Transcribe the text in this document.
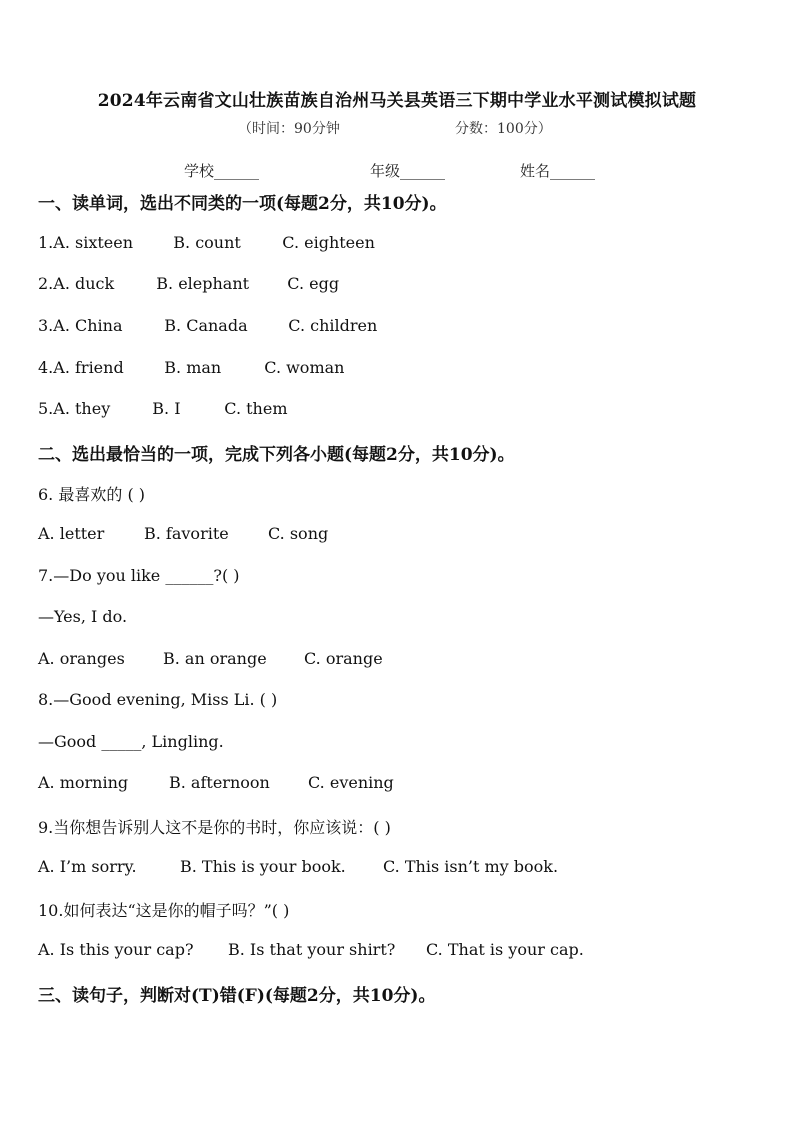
2024年云南省文山壮族苗族自治州马关县英语三下期中学业水平测试模拟试题
（时间：90分钟	分数：100分）
学校______	年级______	姓名______
一、读单词，选出不同类的一项(每题2分，共10分)。
1.A. sixteen	B. count	C. eighteen
2.A. duck	B. elephant C. egg
3.A. China	B. Canada	C. children
4.A. friend	B. man	C. woman
5.A. they	B. I	C. them
二、选出最恰当的一项，完成下列各小题(每题2分，共10分)。
6. 最喜欢的 ( )
A. letter B. favorite C. song
7.—Do you like ______?( )
—Yes, I do.
A. oranges B. an orange C. orange
8.—Good evening, Miss Li. ( )
—Good _____, Lingling.
A. morning	B. afternoon C. evening
9.当你想告诉别人这不是你的书时，你应该说：( )
A. I’m sorry.	B. This is your book. C. This isn’t my book.
10.如何表达“这是你的帽子吗？”( )
A. Is this your cap? B. Is that your shirt? C. That is your cap.
三、读句子，判断对(T)错(F)(每题2分，共10分)。
